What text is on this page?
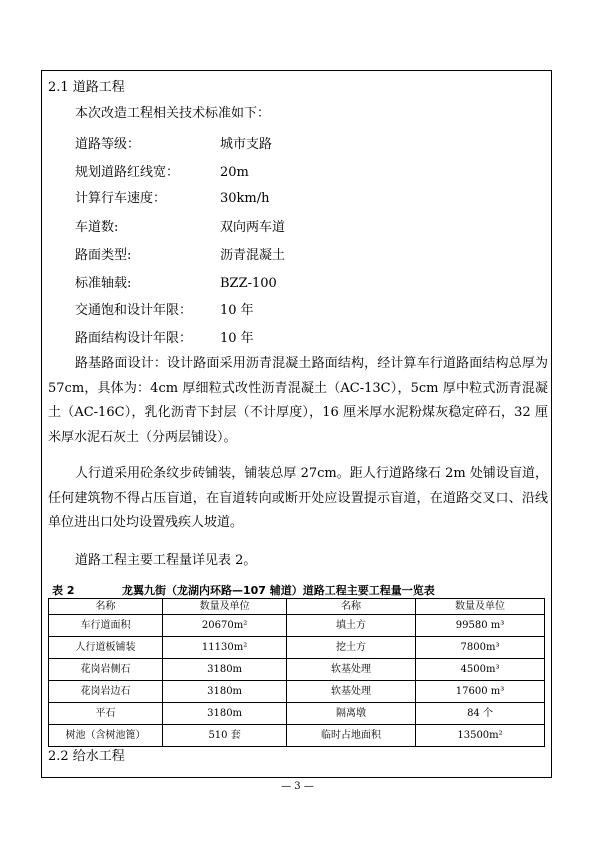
2.1 道路工程
本次改造工程相关技术标准如下：
道路等级：	城市支路
规划道路红线宽：	20m
计算行车速度：	30km/h
车道数:	双向两车道
路面类型:	沥青混凝土
标准轴载:	BZZ-100
交通饱和设计年限： 10 年
路面结构设计年限： 10 年

路基路面设计：设计路面采用沥青混凝土路面结构，经计算车行道路面结构总厚为 57cm，具体为：4cm 厚细粒式改性沥青混凝土（AC-13C），5cm 厚中粒式沥青混凝土（AC-16C），乳化沥青下封层（不计厚度），16 厘米厚水泥粉煤灰稳定碎石，32 厘米厚水泥石灰土（分两层铺设）。

人行道采用砼条纹步砖铺装，铺装总厚 27cm。距人行道路缘石 2m 处铺设盲道，任何建筑物不得占压盲道，在盲道转向或断开处应设置提示盲道，在道路交叉口、沿线单位进出口处均设置残疾人坡道。

道路工程主要工程量详见表 2。

表 2	龙翼九街（龙湖内环路—107 辅道）道路工程主要工程量一览表
名称	数量及单位	名称	数量及单位
车行道面积	20670m²	填土方	99580 m³
人行道板铺装	11130m²	挖土方	7800m³
花岗岩侧石	3180m	软基处理	4500m³
花岗岩边石	3180m	软基处理	17600 m³
平石	3180m	隔离墩	84 个
树池（含树池篦）	510 套	临时占地面积	13500m²
2.2 给水工程
— 3 —
